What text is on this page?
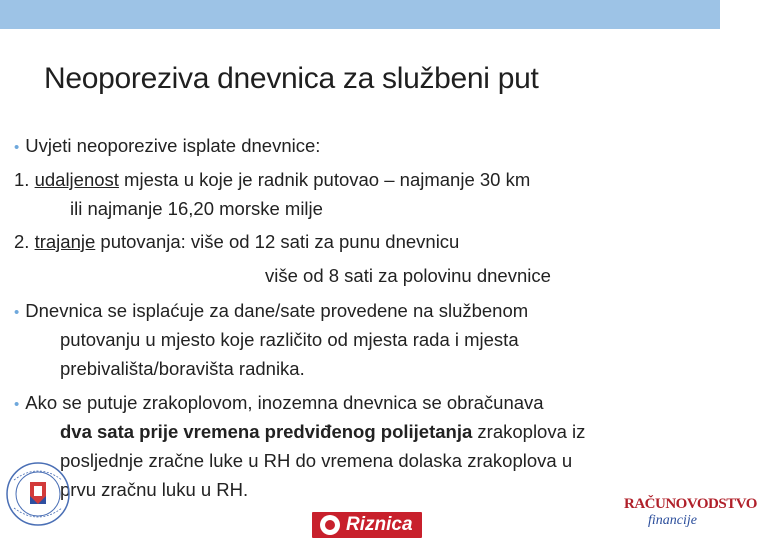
Neoporeziva dnevnica za službeni put
• Uvjeti neoporezive isplate dnevnice:
1. udaljenost mjesta u koje je radnik putovao – najmanje 30 km
ili najmanje 16,20 morske milje
2. trajanje putovanja: više od 12 sati za punu dnevnicu
više od 8 sati za polovinu dnevnice
• Dnevnica se isplaćuje za dane/sate provedene na službenom
putovanju u mjesto koje različito od mjesta rada i mjesta
prebivališta/boravišta radnika.
• Ako se putuje zrakoplovom, inozemna dnevnica se obračunava
dva sata prije vremena predviđenog polijetanja zrakoplova iz
posljednje zračne luke u RH do vremena dolaska zrakoplova u
prvu zračnu luku u RH.
Riznica
RAČUNOVODSTVO
financije
